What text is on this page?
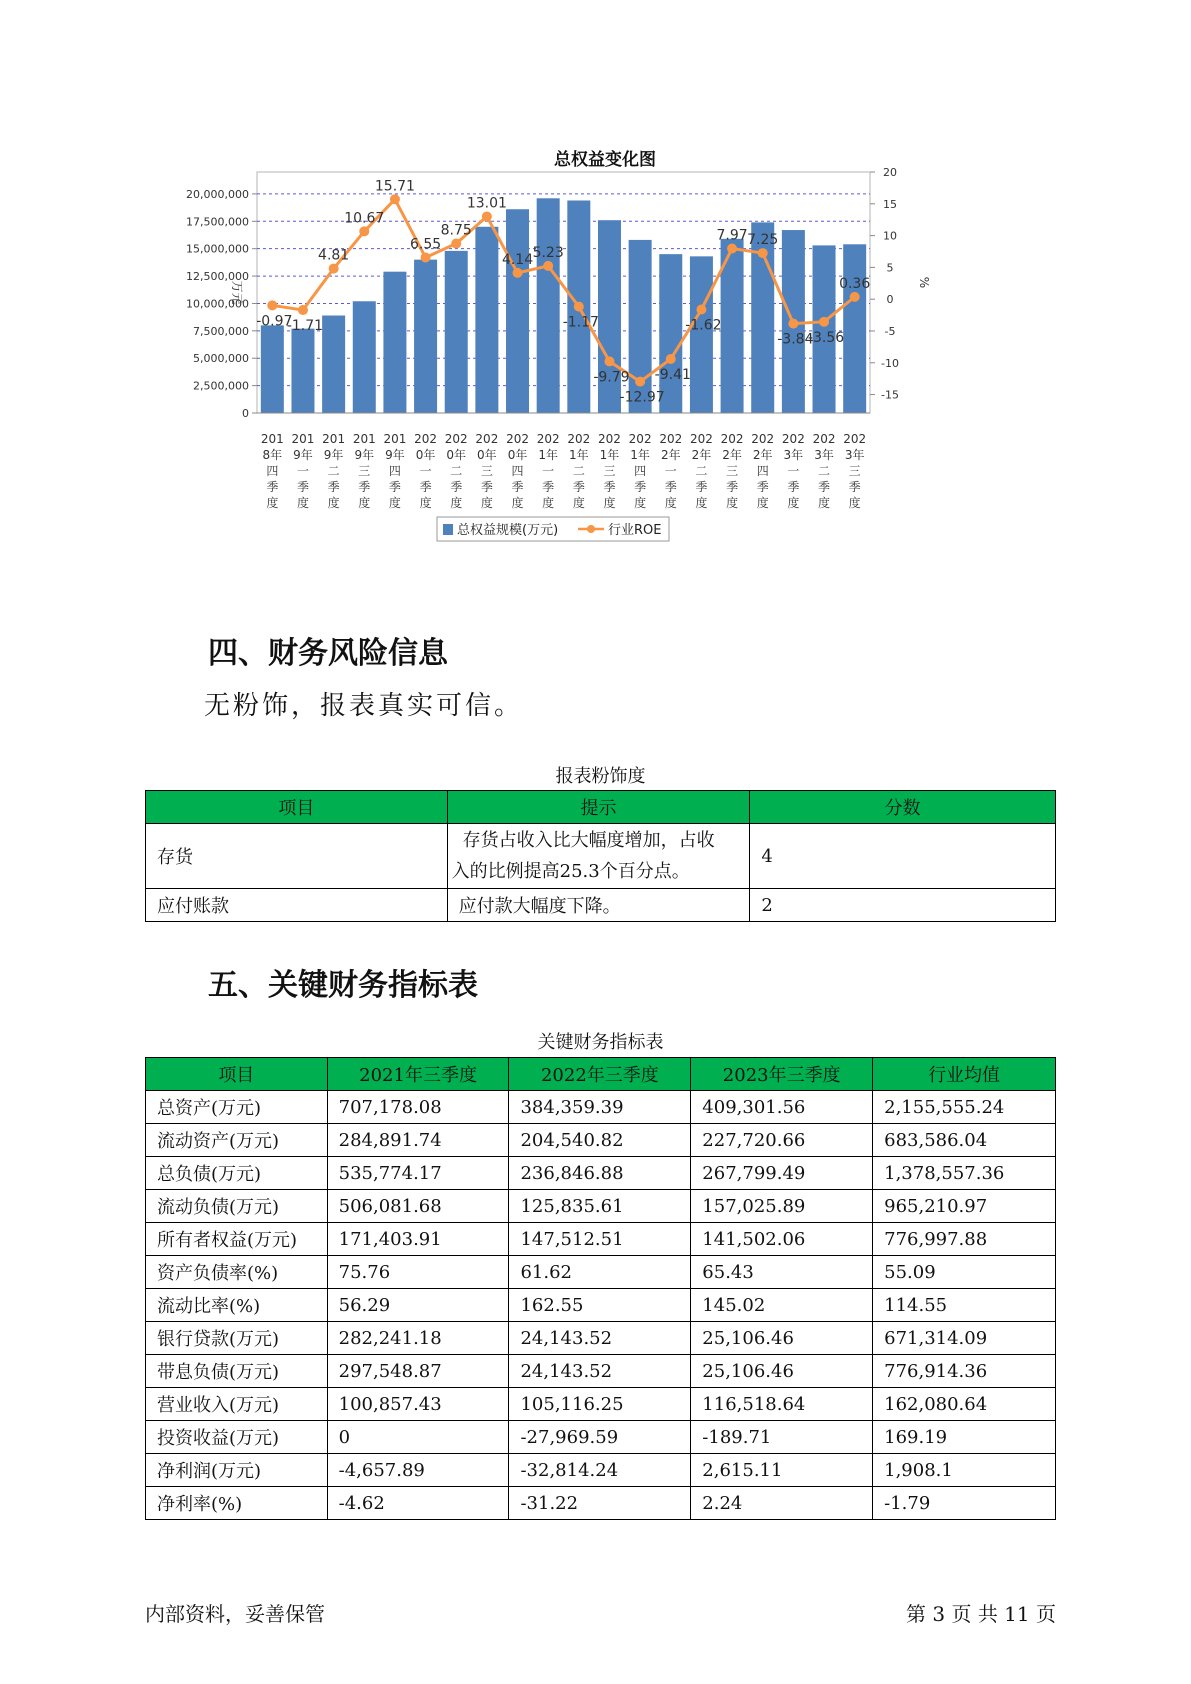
总权益变化图
0
2,500,000
5,000,000
7,500,000
10,000,000
12,500,000
15,000,000
17,500,000
20,000,000
-15
-10
-5
0
5
10
15
20
万元	%
-0.97
-1.71
4.81
10.67
15.71
6.55
8.75
13.01
4.14 5.23
-1.17
-9.79
-12.97
-9.41
-1.62
7.97 7.25
-3.84
-3.56
0.36
201
8年
四
季
度
201
9年
一
季
度
201
9年
二
季
度
201
9年
三
季
度
201
9年
四
季
度
202
0年
一
季
度
202
0年
二
季
度
202
0年
三
季
度
202
0年
四
季
度
202
1年
一
季
度
202
1年
二
季
度
202
1年
三
季
度
202
1年
四
季
度
202
2年
一
季
度
202
2年
二
季
度
202
2年
三
季
度
202
2年
四
季
度
202
3年
一
季
度
202
3年
二
季
度
202
3年
三
季
度
总权益规模(万元)	行业ROE
四、财务风险信息

无粉饰，报表真实可信。

报表粉饰度
项目	提示	分数
存货	存货占收入比大幅度增加，占收
入的比例提高25.3个百分点。	4
应付账款	应付款大幅度下降。	2
五、关键财务指标表
关键财务指标表
项目	2021年三季度	2022年三季度	2023年三季度	行业均值
总资产(万元)	707,178.08	384,359.39	409,301.56	2,155,555.24
流动资产(万元)	284,891.74	204,540.82	227,720.66	683,586.04
总负债(万元)	535,774.17	236,846.88	267,799.49	1,378,557.36
流动负债(万元)	506,081.68	125,835.61	157,025.89	965,210.97
所有者权益(万元)	171,403.91	147,512.51	141,502.06	776,997.88
资产负债率(%)	75.76	61.62	65.43	55.09
流动比率(%)	56.29	162.55	145.02	114.55
银行贷款(万元)	282,241.18	24,143.52	25,106.46	671,314.09
带息负债(万元)	297,548.87	24,143.52	25,106.46	776,914.36
营业收入(万元)	100,857.43	105,116.25	116,518.64	162,080.64
投资收益(万元)	0	-27,969.59	-189.71	169.19
净利润(万元)	-4,657.89	-32,814.24	2,615.11	1,908.1
净利率(%)	-4.62	-31.22	2.24	-1.79
内部资料，妥善保管	第 3 页 共 11 页
